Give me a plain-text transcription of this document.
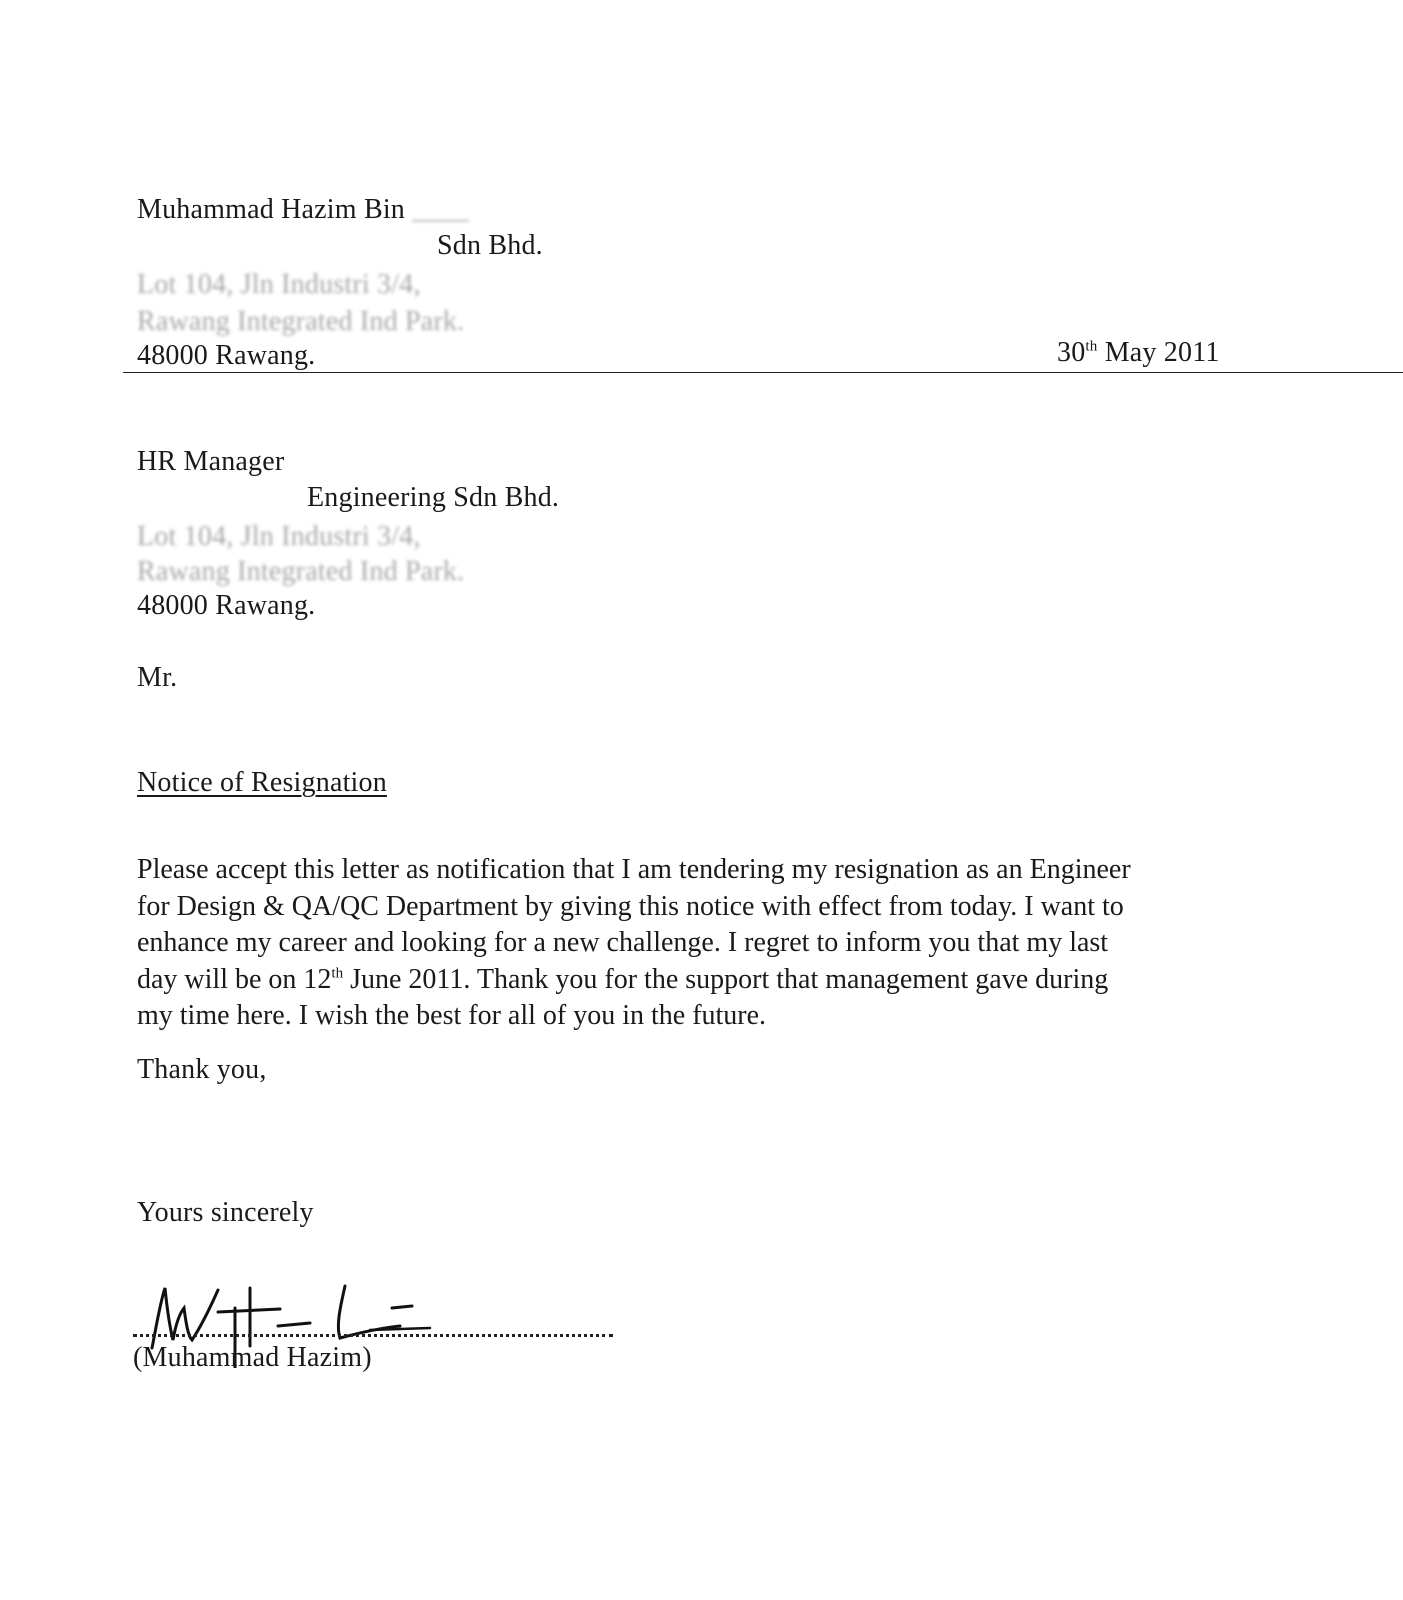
Muhammad Hazim Bin ____
Sdn Bhd.
Lot 104, Jln Industri 3/4,
Rawang Integrated Ind Park.
48000 Rawang.	30th May 2011
HR Manager
Engineering Sdn Bhd.
Lot 104, Jln Industri 3/4,
Rawang Integrated Ind Park.
48000 Rawang.
Mr.
Notice of Resignation

Please accept this letter as notification that I am tendering my resignation as an Engineer

for Design & QA/QC Department by giving this notice with effect from today. I want to

enhance my career and looking for a new challenge. I regret to inform you that my last

day will be on 12th June 2011. Thank you for the support that management gave during

my time here. I wish the best for all of you in the future.

Thank you,
Yours sincerely
(Muhammad Hazim)
